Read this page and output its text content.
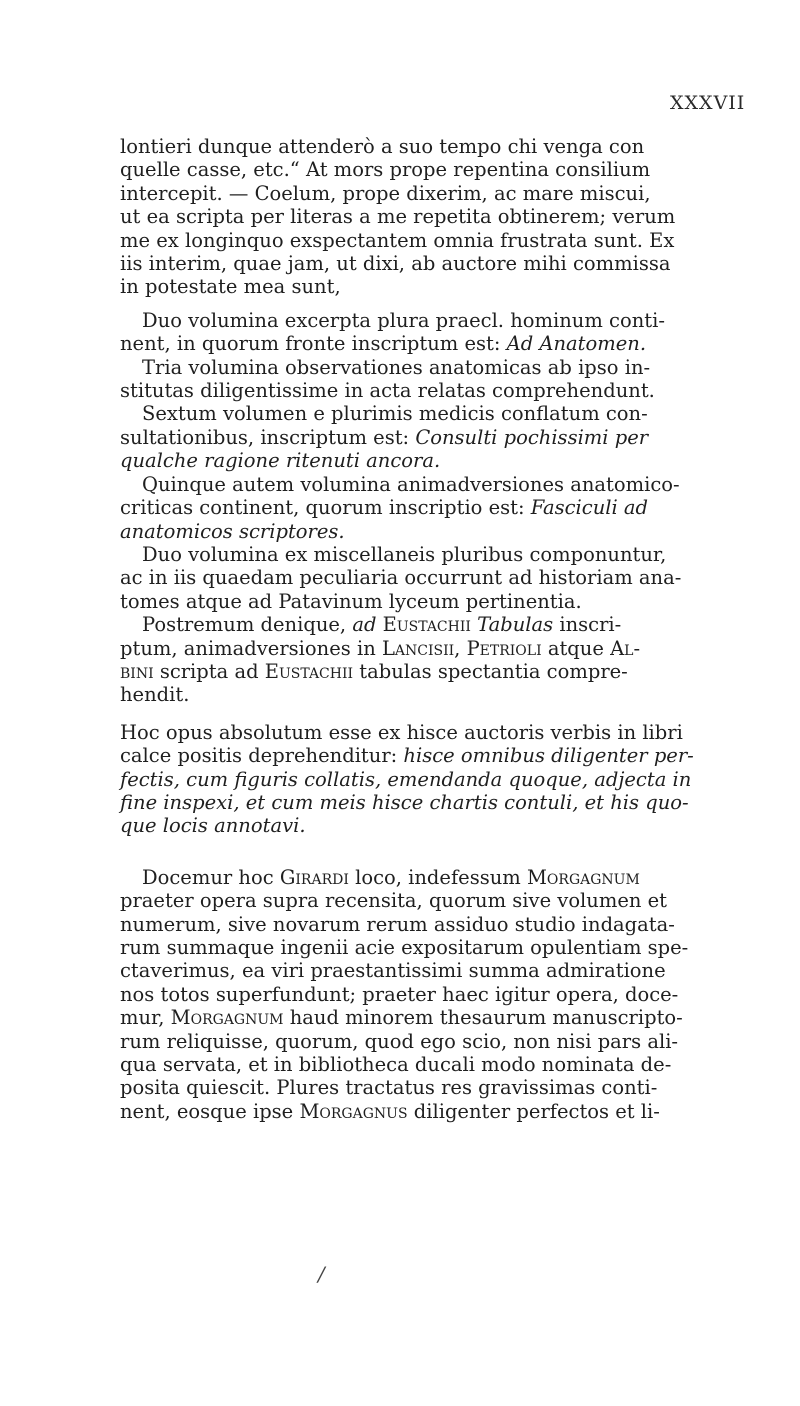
XXXVII
lontieri dunque attenderò a suo tempo chi venga con
quelle casse, etc.“ At mors prope repentina consilium
intercepit. — Coelum, prope dixerim, ac mare miscui,
ut ea scripta per literas a me repetita obtinerem; verum
me ex longinquo exspectantem omnia frustrata sunt. Ex
iis interim, quae jam, ut dixi, ab auctore mihi commissa
in potestate mea sunt,
Duo volumina excerpta plura praecl. hominum conti-
nent, in quorum fronte inscriptum est: Ad Anatomen.
Tria volumina observationes anatomicas ab ipso in-
stitutas diligentissime in acta relatas comprehendunt.
Sextum volumen e plurimis medicis conflatum con-
sultationibus, inscriptum est: Consulti pochissimi per
qualche ragione ritenuti ancora.
Quinque autem volumina animadversiones anatomico-
criticas continent, quorum inscriptio est: Fasciculi ad
anatomicos scriptores.
Duo volumina ex miscellaneis pluribus componuntur,
ac in iis quaedam peculiaria occurrunt ad historiam ana-
tomes atque ad Patavinum lyceum pertinentia.
Postremum denique, ad Eustachii Tabulas inscri-
ptum, animadversiones in Lancisii, Petrioli atque Al-
bini scripta ad Eustachii tabulas spectantia compre-
hendit.
Hoc opus absolutum esse ex hisce auctoris verbis in libri
calce positis deprehenditur: hisce omnibus diligenter per-
fectis, cum figuris collatis, emendanda quoque, adjecta in
fine inspexi, et cum meis hisce chartis contuli, et his quo-
que locis annotavi.
Docemur hoc Girardi loco, indefessum Morgagnum
praeter opera supra recensita, quorum sive volumen et
numerum, sive novarum rerum assiduo studio indagata-
rum summaque ingenii acie expositarum opulentiam spe-
ctaverimus, ea viri praestantissimi summa admiratione
nos totos superfundunt; praeter haec igitur opera, doce-
mur, Morgagnum haud minorem thesaurum manuscripto-
rum reliquisse, quorum, quod ego scio, non nisi pars ali-
qua servata, et in bibliotheca ducali modo nominata de-
posita quiescit. Plures tractatus res gravissimas conti-
nent, eosque ipse Morgagnus diligenter perfectos et li-
/
